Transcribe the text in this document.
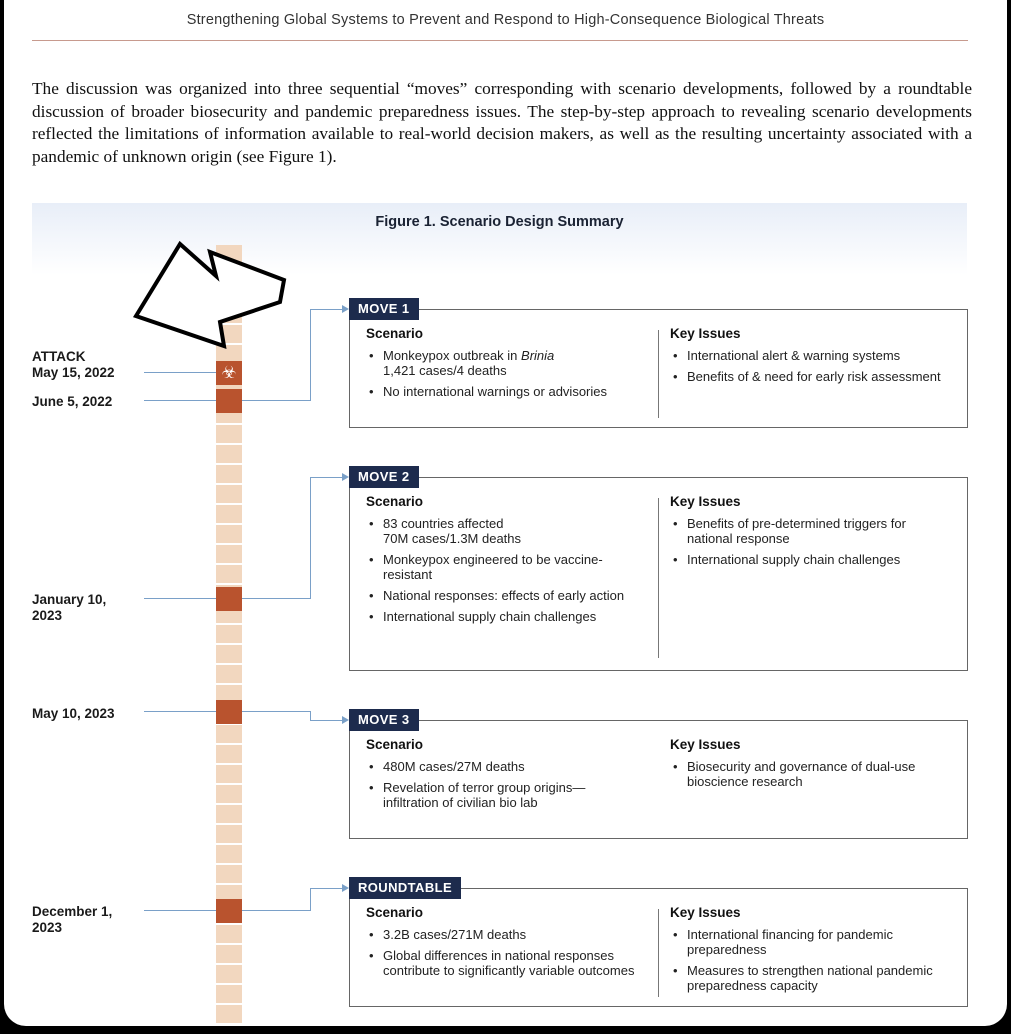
Strengthening Global Systems to Prevent and Respond to High-Consequence Biological Threats
The discussion was organized into three sequential “moves” corresponding with scenario developments, followed by a roundtable discussion of broader biosecurity and pandemic preparedness issues. The step-by-step approach to revealing scenario developments reflected the limitations of information available to real-world decision makers, as well as the resulting uncertainty associated with a pandemic of unknown origin (see Figure 1).
Figure 1. Scenario Design Summary
☣
ATTACK
May 15, 2022
June 5, 2022
January 10, 2023
May 10, 2023
December 1, 2023
MOVE 1
Scenario
• Monkeypox outbreak in Brinia
1,421 cases/4 deaths
• No international warnings or advisories
Key Issues
• International alert & warning systems
• Benefits of & need for early risk assessment
MOVE 2
Scenario
• 83 countries affected
70M cases/1.3M deaths
• Monkeypox engineered to be vaccine-resistant
• National responses: effects of early action
• International supply chain challenges
Key Issues
• Benefits of pre-determined triggers for national response
• International supply chain challenges
MOVE 3
Scenario
• 480M cases/27M deaths
• Revelation of terror group origins—infiltration of civilian bio lab
Key Issues
• Biosecurity and governance of dual-use bioscience research
ROUNDTABLE
Scenario
• 3.2B cases/271M deaths
• Global differences in national responses contribute to significantly variable outcomes
Key Issues
• International financing for pandemic preparedness
• Measures to strengthen national pandemic preparedness capacity
